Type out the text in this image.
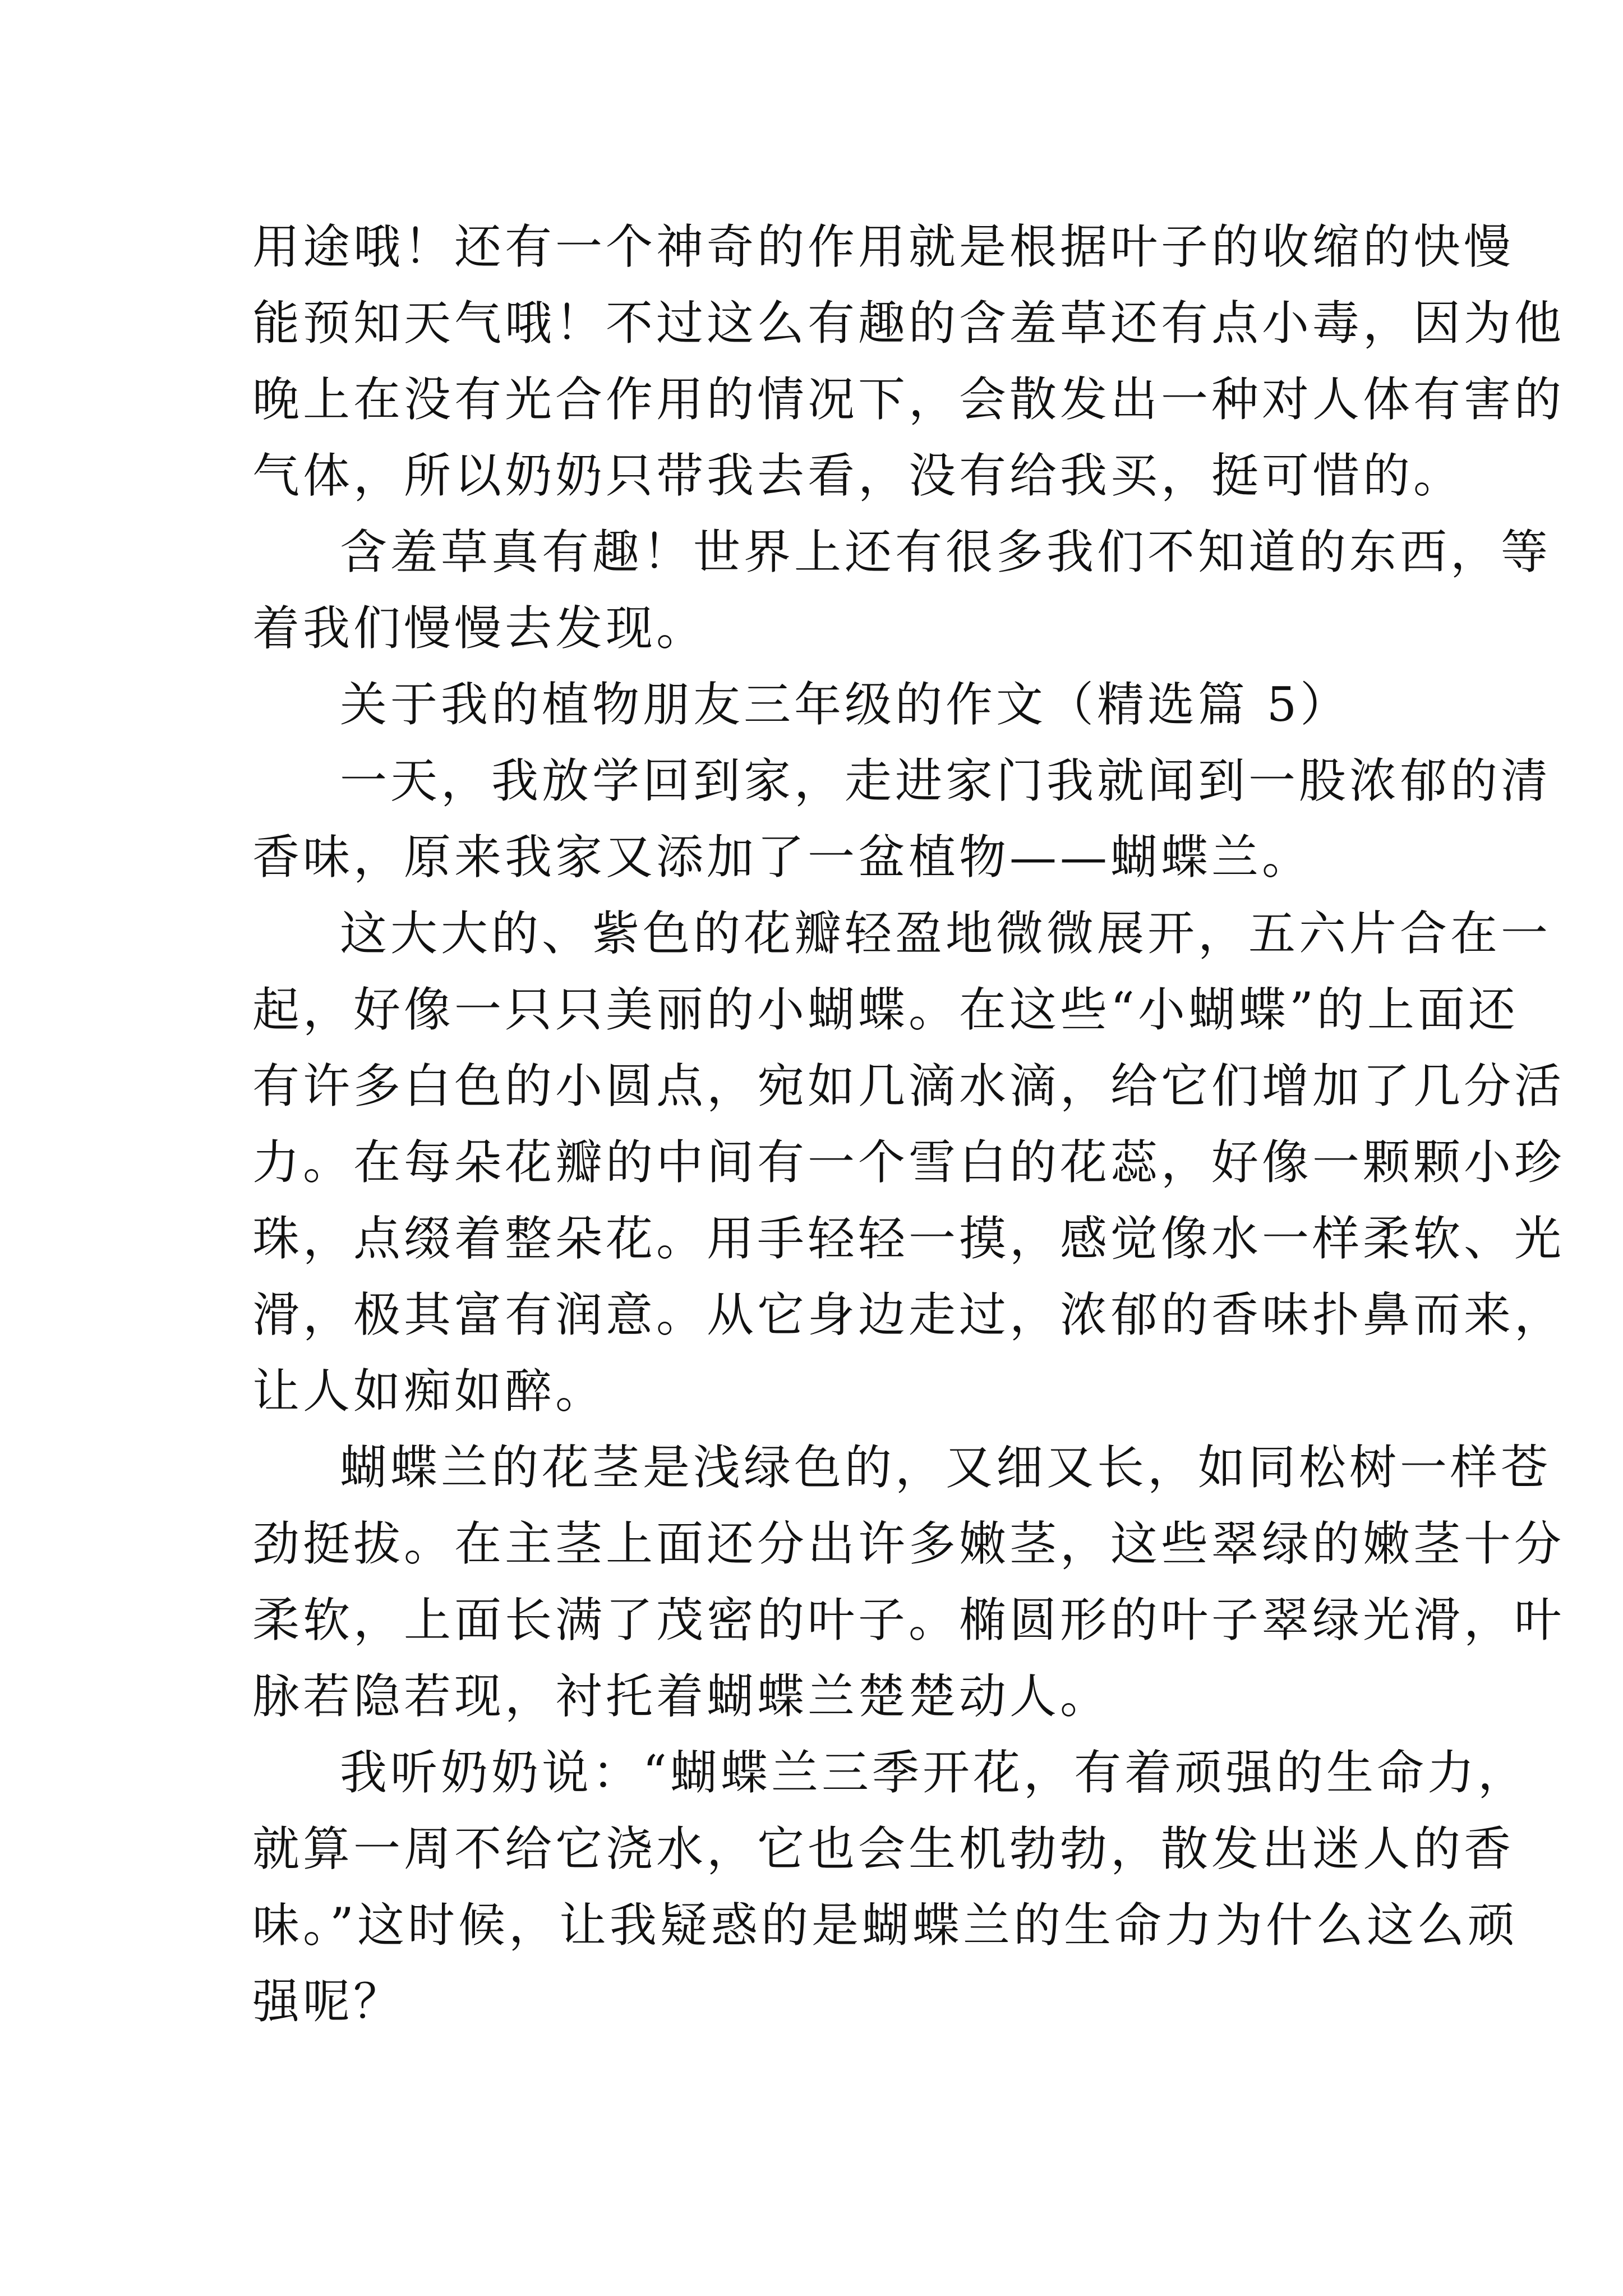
用途哦！还有一个神奇的作用就是根据叶子的收缩的快慢
能预知天气哦！不过这么有趣的含羞草还有点小毒，因为他
晚上在没有光合作用的情况下，会散发出一种对人体有害的
气体，所以奶奶只带我去看，没有给我买，挺可惜的。
含羞草真有趣！世界上还有很多我们不知道的东西，等
着我们慢慢去发现。
关于我的植物朋友三年级的作文（精选篇 5）
一天，我放学回到家，走进家门我就闻到一股浓郁的清
香味，原来我家又添加了一盆植物——蝴蝶兰。
这大大的、紫色的花瓣轻盈地微微展开，五六片合在一
起，好像一只只美丽的小蝴蝶。在这些“小蝴蝶”的上面还
有许多白色的小圆点，宛如几滴水滴，给它们增加了几分活
力。在每朵花瓣的中间有一个雪白的花蕊，好像一颗颗小珍
珠，点缀着整朵花。用手轻轻一摸，感觉像水一样柔软、光
滑，极其富有润意。从它身边走过，浓郁的香味扑鼻而来，
让人如痴如醉。
蝴蝶兰的花茎是浅绿色的，又细又长，如同松树一样苍
劲挺拔。在主茎上面还分出许多嫩茎，这些翠绿的嫩茎十分
柔软，上面长满了茂密的叶子。椭圆形的叶子翠绿光滑，叶
脉若隐若现，衬托着蝴蝶兰楚楚动人。
我听奶奶说：“蝴蝶兰三季开花，有着顽强的生命力，
就算一周不给它浇水，它也会生机勃勃，散发出迷人的香
味。”这时候，让我疑惑的是蝴蝶兰的生命力为什么这么顽
强呢？
